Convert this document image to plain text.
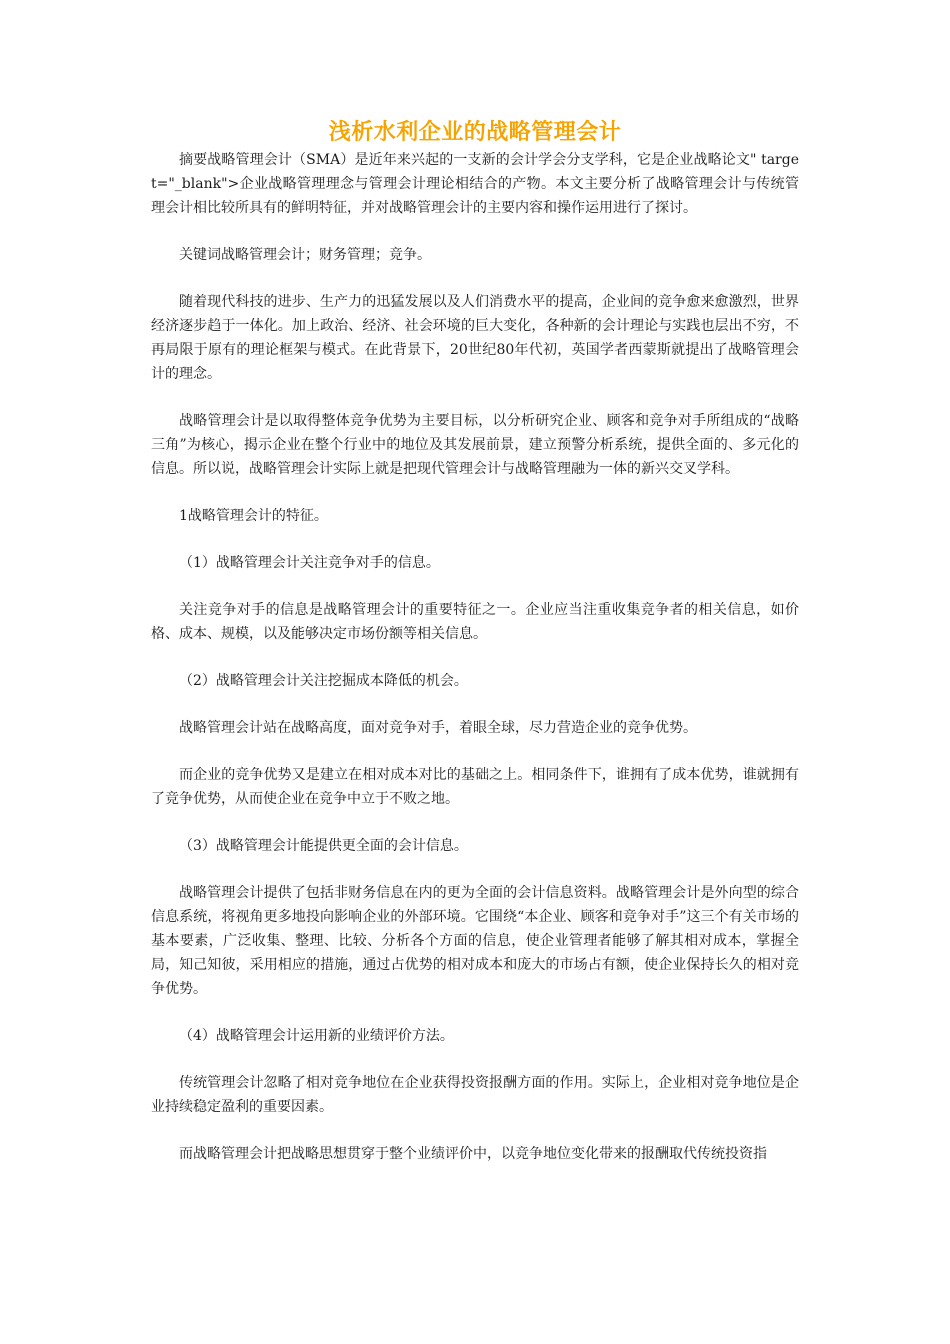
浅析水利企业的战略管理会计

摘要战略管理会计（SMA）是近年来兴起的一支新的会计学会分支学科，它是企业战略论文" target="_blank">企业战略管理理念与管理会计理论相结合的产物。本文主要分析了战略管理会计与传统管理会计相比较所具有的鲜明特征，并对战略管理会计的主要内容和操作运用进行了探讨。

关键词战略管理会计；财务管理；竞争。

随着现代科技的进步、生产力的迅猛发展以及人们消费水平的提高，企业间的竞争愈来愈激烈，世界经济逐步趋于一体化。加上政治、经济、社会环境的巨大变化，各种新的会计理论与实践也层出不穷，不再局限于原有的理论框架与模式。在此背景下，20世纪80年代初，英国学者西蒙斯就提出了战略管理会计的理念。

战略管理会计是以取得整体竞争优势为主要目标，以分析研究企业、顾客和竞争对手所组成的“战略三角”为核心，揭示企业在整个行业中的地位及其发展前景，建立预警分析系统，提供全面的、多元化的信息。所以说，战略管理会计实际上就是把现代管理会计与战略管理融为一体的新兴交叉学科。

1战略管理会计的特征。

（1）战略管理会计关注竞争对手的信息。

关注竞争对手的信息是战略管理会计的重要特征之一。企业应当注重收集竞争者的相关信息，如价格、成本、规模，以及能够决定市场份额等相关信息。

（2）战略管理会计关注挖掘成本降低的机会。

战略管理会计站在战略高度，面对竞争对手，着眼全球，尽力营造企业的竞争优势。

而企业的竞争优势又是建立在相对成本对比的基础之上。相同条件下，谁拥有了成本优势，谁就拥有了竞争优势，从而使企业在竞争中立于不败之地。

（3）战略管理会计能提供更全面的会计信息。

战略管理会计提供了包括非财务信息在内的更为全面的会计信息资料。战略管理会计是外向型的综合信息系统，将视角更多地投向影响企业的外部环境。它围绕“本企业、顾客和竞争对手”这三个有关市场的基本要素，广泛收集、整理、比较、分析各个方面的信息，使企业管理者能够了解其相对成本，掌握全局，知己知彼，采用相应的措施，通过占优势的相对成本和庞大的市场占有额，使企业保持长久的相对竞争优势。

（4）战略管理会计运用新的业绩评价方法。

传统管理会计忽略了相对竞争地位在企业获得投资报酬方面的作用。实际上，企业相对竞争地位是企业持续稳定盈利的重要因素。

而战略管理会计把战略思想贯穿于整个业绩评价中，以竞争地位变化带来的报酬取代传统投资指
